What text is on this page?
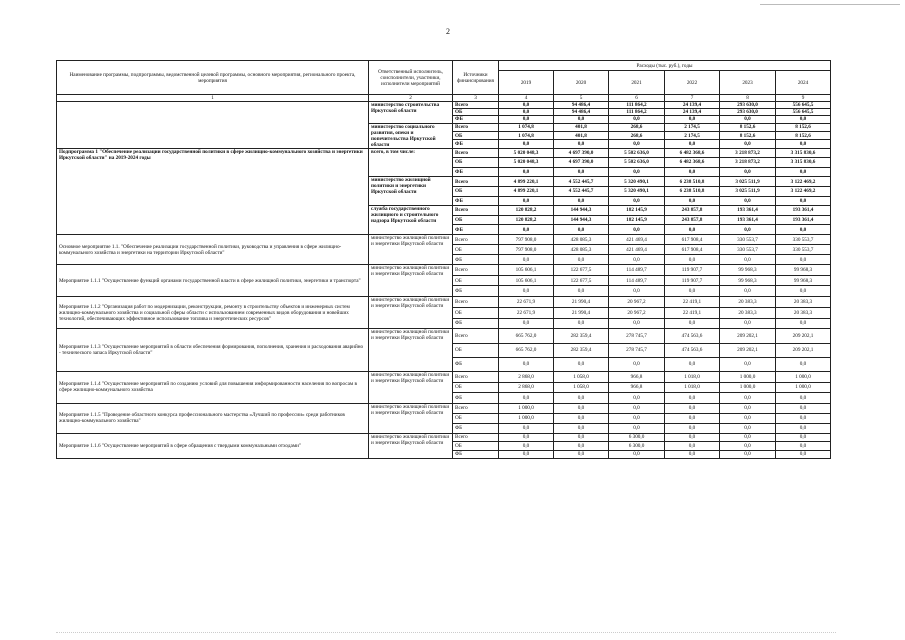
2
Наименование программы, подпрограммы, ведомственной целевой программы, основного мероприятия, регионального проекта, мероприятия	Ответственный исполнитель, соисполнители, участники, исполнители мероприятий	Источники финансирования	Расходы (тыс. руб.), годы					
			2019	2020	2021	2022	2023	2024
1	2	3	4	5	6	7	8	9
	министерство строительства Иркутской области	Всего	0,0	94 486,4	111 864,2	24 139,4	293 630,0	556 645,5
		ОБ	0,0	94 486,4	111 864,2	24 139,4	293 630,0	556 645,5
		ФБ	0,0	0,0	0,0	0,0	0,0	0,0
	министерство социального развития, опеки и попечительства Иркутской области	Всего	1 074,8	401,8	268,6	2 174,5	8 152,6	8 152,6
		ОБ	1 074,8	401,8	268,6	2 174,5	8 152,6	8 152,6
		ФБ	0,0	0,0	0,0	0,0	0,0	0,0
Подпрограмма 1 "Обеспечение реализации государственной политики в сфере жилищно-коммунального хозяйства и энергетики Иркутской области" на 2019-2024 годы	всего, в том числе:	Всего	5 020 048,3	4 697 390,0	5 502 636,0	6 482 368,6	3 218 873,2	3 315 830,6
		ОБ	5 020 048,3	4 697 390,0	5 502 636,0	6 482 368,6	3 218 873,2	3 315 830,6
		ФБ	0,0	0,0	0,0	0,0	0,0	0,0
	министерство жилищной политики и энергетики Иркутской области	Всего	4 899 220,1	4 552 445,7	5 320 490,1	6 238 510,8	3 025 511,9	3 122 469,2
		ОБ	4 899 220,1	4 552 445,7	5 320 490,1	6 238 510,8	3 025 511,9	3 122 469,2
		ФБ	0,0	0,0	0,0	0,0	0,0	0,0
	служба государственного жилищного и строительного надзора Иркутской области	Всего	120 828,2	144 944,3	182 145,9	243 857,8	193 361,4	193 361,4
		ОБ	120 828,2	144 944,3	182 145,9	243 857,8	193 361,4	193 361,4
		ФБ	0,0	0,0	0,0	0,0	0,0	0,0
Основное мероприятие 1.1. "Обеспечение реализации государственной политики, руководства и управления в сфере жилищно-коммунального хозяйства и энергетики на территории Иркутской области"	министерство жилищной политики и энергетики Иркутской области	Всего	797 908,0	428 085,3	421 469,4	617 908,4	330 553,7	330 553,7
		ОБ	797 908,0	428 085,3	421 469,4	617 908,4	330 553,7	330 553,7
		ФБ	0,0	0,0	0,0	0,0	0,0	0,0
Мероприятие 1.1.1 "Осуществление функций органами государственной власти в сфере жилищной политики, энергетики и транспорта"	министерство жилищной политики и энергетики Иркутской области	Всего	105 606,1	122 677,5	114 489,7	119 907,7	99 968,3	99 968,3
		ОБ	105 606,1	122 677,5	114 489,7	119 907,7	99 968,3	99 968,3
		ФБ	0,0	0,0	0,0	0,0	0,0	0,0
Мероприятие 1.1.2 "Организация работ по модернизации, реконструкции, ремонту в строительству объектов и инженерных систем жилищно-коммунального хозяйства и социальной сферы области с использованием современных видов оборудования и новейших технологий, обеспечивающих эффективное использование топлива и энергетических ресурсов"	министерство жилищной политики и энергетики Иркутской области	Всего	22 671,9	21 990,4	20 967,2	22 419,1	20 383,3	20 383,3
		ОБ	22 671,9	21 990,4	20 967,2	22 419,1	20 383,3	20 383,3
		ФБ	0,0	0,0	0,0	0,0	0,0	0,0
Мероприятие 1.1.3 "Осуществление мероприятий в области обеспечения формирования, пополнения, хранения и расходования аварийно - технического запаса Иркутской области"	министерство жилищной политики и энергетики Иркутской области	Всего	665 762,0	282 359,4	278 745,7	474 563,6	209 202,1	209 202,1
		ОБ	665 762,0	282 359,4	278 745,7	474 563,6	209 202,1	209 202,1
		ФБ	0,0	0,0	0,0	0,0	0,0	0,0
Мероприятие 1.1.4 "Осуществление мероприятий по созданию условий для повышения информированности населения по вопросам в сфере жилищно-коммунального хозяйства	министерство жилищной политики и энергетики Иркутской области	Всего	2 868,0	1 058,0	966,8	1 018,0	1 000,0	1 000,0
		ОБ	2 868,0	1 058,0	966,8	1 018,0	1 000,0	1 000,0
		ФБ	0,0	0,0	0,0	0,0	0,0	0,0
Мероприятие 1.1.5 "Проведение областного конкурса профессионального мастерства «Лучший по профессии» среди работников жилищно-коммунального хозяйства"	министерство жилищной политики и энергетики Иркутской области	Всего	1 000,0	0,0	0,0	0,0	0,0	0,0
		ОБ	1 000,0	0,0	0,0	0,0	0,0	0,0
		ФБ	0,0	0,0	0,0	0,0	0,0	0,0
Мероприятие 1.1.6 "Осуществление мероприятий в сфере обращения с твердыми коммунальными отходами"	министерство жилищной политики и энергетики Иркутской области	Всего	0,0	0,0	6 300,0	0,0	0,0	0,0
		ОБ	0,0	0,0	6 300,0	0,0	0,0	0,0
		ФБ	0,0	0,0	0,0	0,0	0,0	0,0
